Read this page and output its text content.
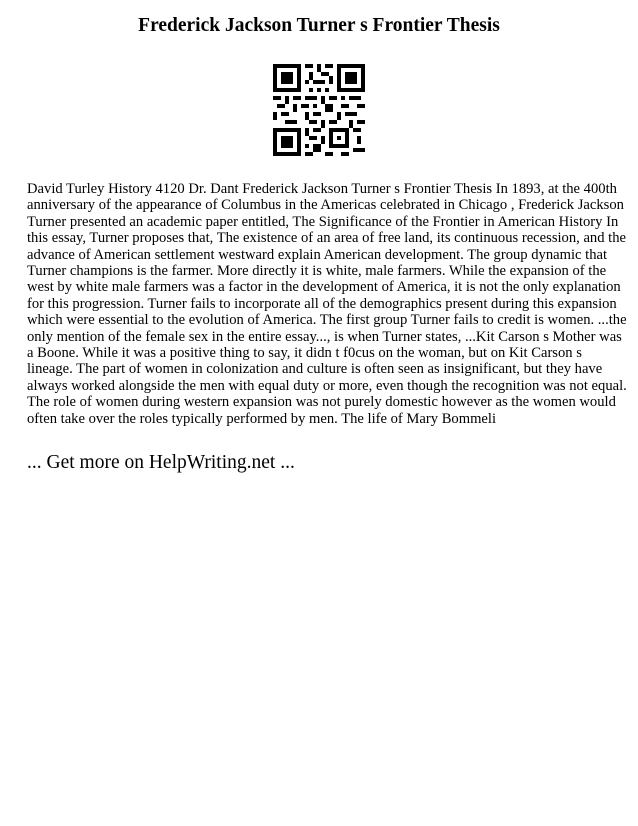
Frederick Jackson Turner s Frontier Thesis

David Turley History 4120 Dr. Dant Frederick Jackson Turner s Frontier Thesis In 1893, at the 400th
anniversary of the appearance of Columbus in the Americas celebrated in Chicago , Frederick Jackson
Turner presented an academic paper entitled, The Significance of the Frontier in American History In
this essay, Turner proposes that, The existence of an area of free land, its continuous recession, and the
advance of American settlement westward explain American development. The group dynamic that
Turner champions is the farmer. More directly it is white, male farmers. While the expansion of the
west by white male farmers was a factor in the development of America, it is not the only explanation
for this progression. Turner fails to incorporate all of the demographics present during this expansion
which were essential to the evolution of America. The first group Turner fails to credit is women. ...the
only mention of the female sex in the entire essay..., is when Turner states, ...Kit Carson s Mother was
a Boone. While it was a positive thing to say, it didn t f0cus on the woman, but on Kit Carson s
lineage. The part of women in colonization and culture is often seen as insignificant, but they have
always worked alongside the men with equal duty or more, even though the recognition was not equal.
The role of women during western expansion was not purely domestic however as the women would
often take over the roles typically performed by men. The life of Mary Bommeli

... Get more on HelpWriting.net ...
